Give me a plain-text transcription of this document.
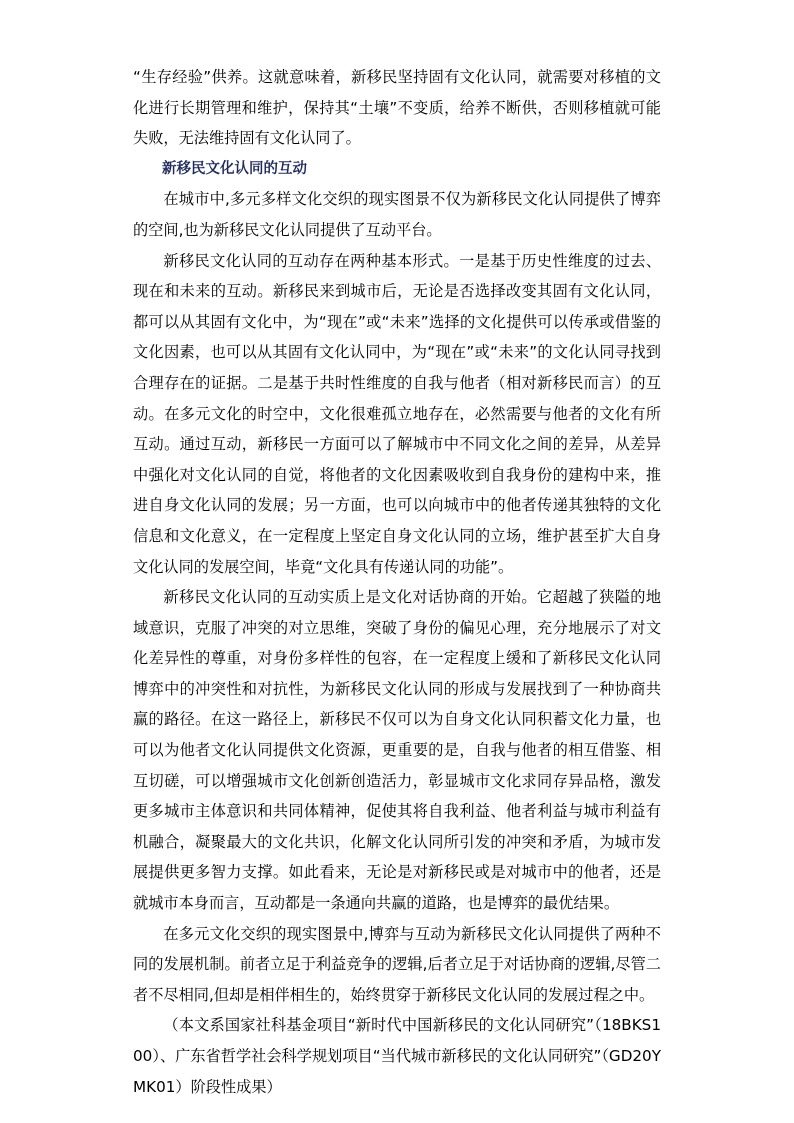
“生存经验”供养。这就意味着，新移民坚持固有文化认同，就需要对移植的文化进行长期管理和维护，保持其“土壤”不变质，给养不断供，否则移植就可能失败，无法维持固有文化认同了。

新移民文化认同的互动

在城市中,多元多样文化交织的现实图景不仅为新移民文化认同提供了博弈的空间,也为新移民文化认同提供了互动平台。

新移民文化认同的互动存在两种基本形式。一是基于历史性维度的过去、现在和未来的互动。新移民来到城市后，无论是否选择改变其固有文化认同，都可以从其固有文化中，为“现在”或“未来”选择的文化提供可以传承或借鉴的文化因素，也可以从其固有文化认同中，为“现在”或“未来”的文化认同寻找到合理存在的证据。二是基于共时性维度的自我与他者（相对新移民而言）的互动。在多元文化的时空中，文化很难孤立地存在，必然需要与他者的文化有所互动。通过互动，新移民一方面可以了解城市中不同文化之间的差异，从差异中强化对文化认同的自觉，将他者的文化因素吸收到自我身份的建构中来，推进自身文化认同的发展；另一方面，也可以向城市中的他者传递其独特的文化信息和文化意义，在一定程度上坚定自身文化认同的立场，维护甚至扩大自身文化认同的发展空间，毕竟“文化具有传递认同的功能”。

新移民文化认同的互动实质上是文化对话协商的开始。它超越了狭隘的地域意识，克服了冲突的对立思维，突破了身份的偏见心理，充分地展示了对文化差异性的尊重，对身份多样性的包容，在一定程度上缓和了新移民文化认同博弈中的冲突性和对抗性，为新移民文化认同的形成与发展找到了一种协商共赢的路径。在这一路径上，新移民不仅可以为自身文化认同积蓄文化力量，也可以为他者文化认同提供文化资源，更重要的是，自我与他者的相互借鉴、相互切磋，可以增强城市文化创新创造活力，彰显城市文化求同存异品格，激发更多城市主体意识和共同体精神，促使其将自我利益、他者利益与城市利益有机融合，凝聚最大的文化共识，化解文化认同所引发的冲突和矛盾，为城市发展提供更多智力支撑。如此看来，无论是对新移民或是对城市中的他者，还是就城市本身而言，互动都是一条通向共赢的道路，也是博弈的最优结果。

在多元文化交织的现实图景中,博弈与互动为新移民文化认同提供了两种不同的发展机制。前者立足于利益竞争的逻辑,后者立足于对话协商的逻辑,尽管二者不尽相同,但却是相伴相生的，始终贯穿于新移民文化认同的发展过程之中。

（本文系国家社科基金项目“新时代中国新移民的文化认同研究”（18BKS100）、广东省哲学社会科学规划项目“当代城市新移民的文化认同研究”（GD20YMK01）阶段性成果）
